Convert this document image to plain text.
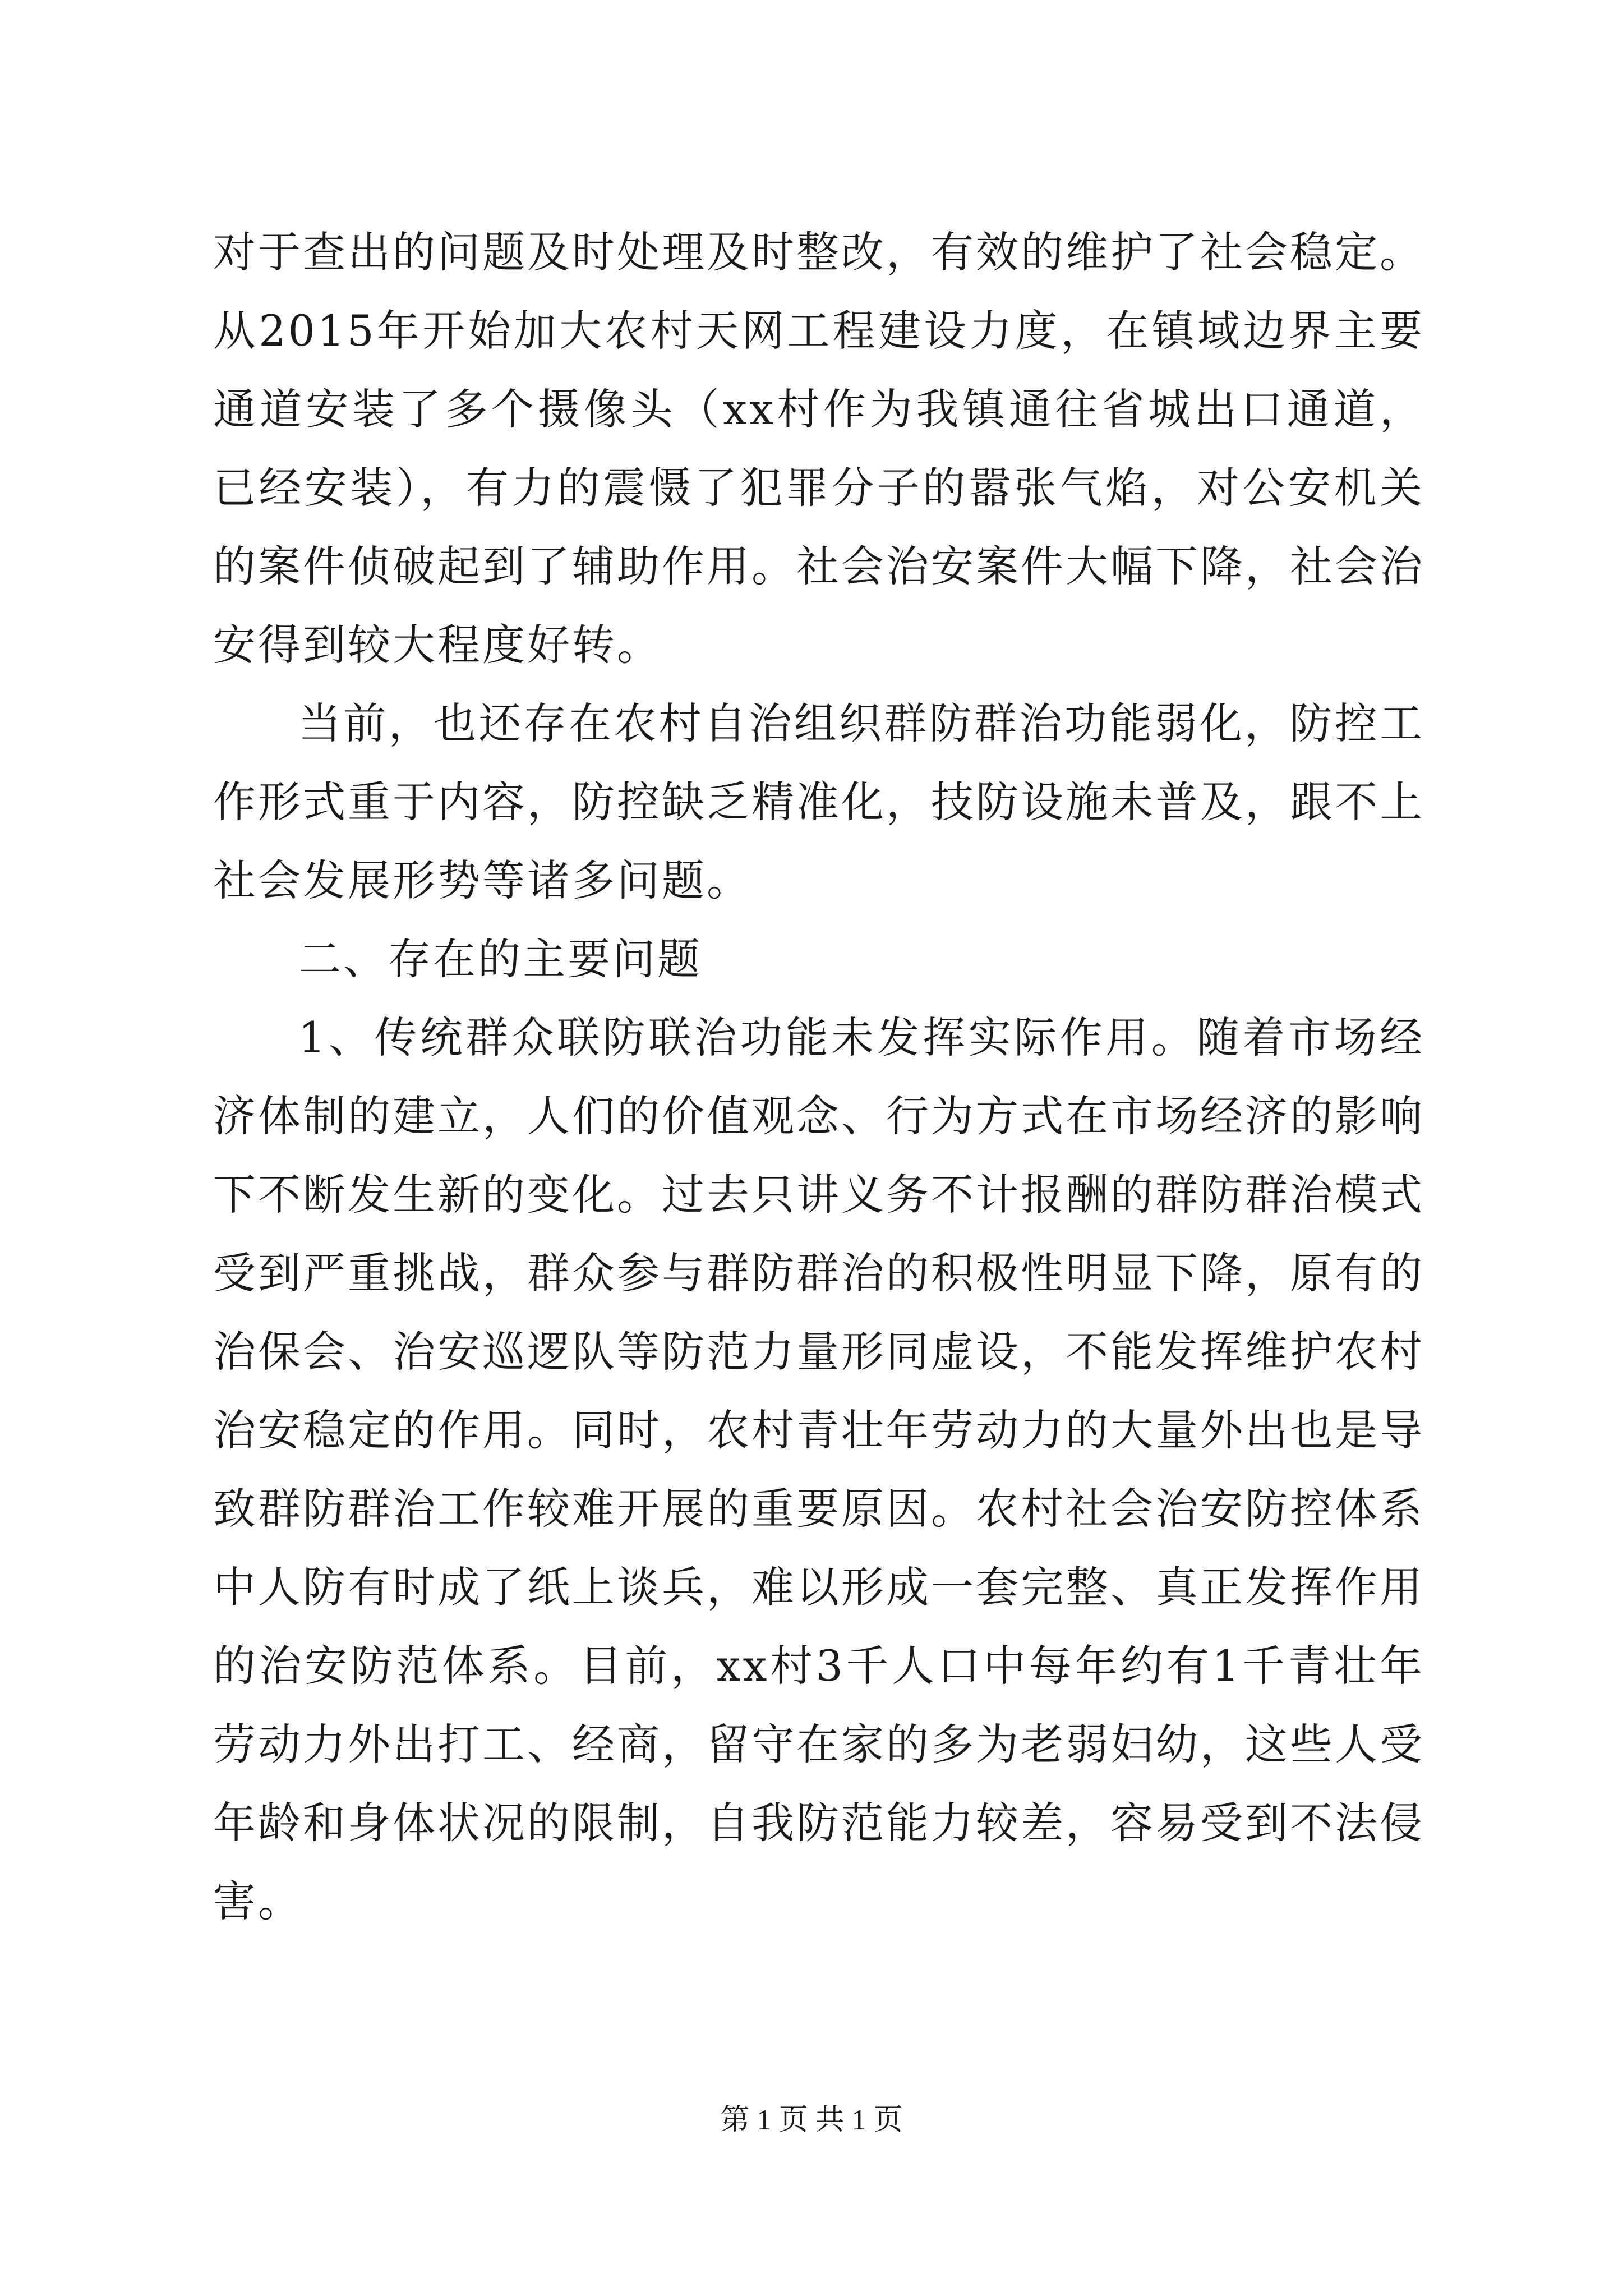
对于查出的问题及时处理及时整改，有效的维护了社会稳定。从2015年开始加大农村天网工程建设力度，在镇域边界主要通道安装了多个摄像头（xx村作为我镇通往省城出口通道，已经安装），有力的震慑了犯罪分子的嚣张气焰，对公安机关的案件侦破起到了辅助作用。社会治安案件大幅下降，社会治安得到较大程度好转。

当前，也还存在农村自治组织群防群治功能弱化，防控工作形式重于内容，防控缺乏精准化，技防设施未普及，跟不上社会发展形势等诸多问题。

二、存在的主要问题

1、传统群众联防联治功能未发挥实际作用。随着市场经济体制的建立，人们的价值观念、行为方式在市场经济的影响下不断发生新的变化。过去只讲义务不计报酬的群防群治模式受到严重挑战，群众参与群防群治的积极性明显下降，原有的治保会、治安巡逻队等防范力量形同虚设，不能发挥维护农村治安稳定的作用。同时，农村青壮年劳动力的大量外出也是导致群防群治工作较难开展的重要原因。农村社会治安防控体系中人防有时成了纸上谈兵，难以形成一套完整、真正发挥作用的治安防范体系。目前，xx村3千人口中每年约有1千青壮年劳动力外出打工、经商，留守在家的多为老弱妇幼，这些人受年龄和身体状况的限制，自我防范能力较差，容易受到不法侵害。

第 1 页 共 1 页
